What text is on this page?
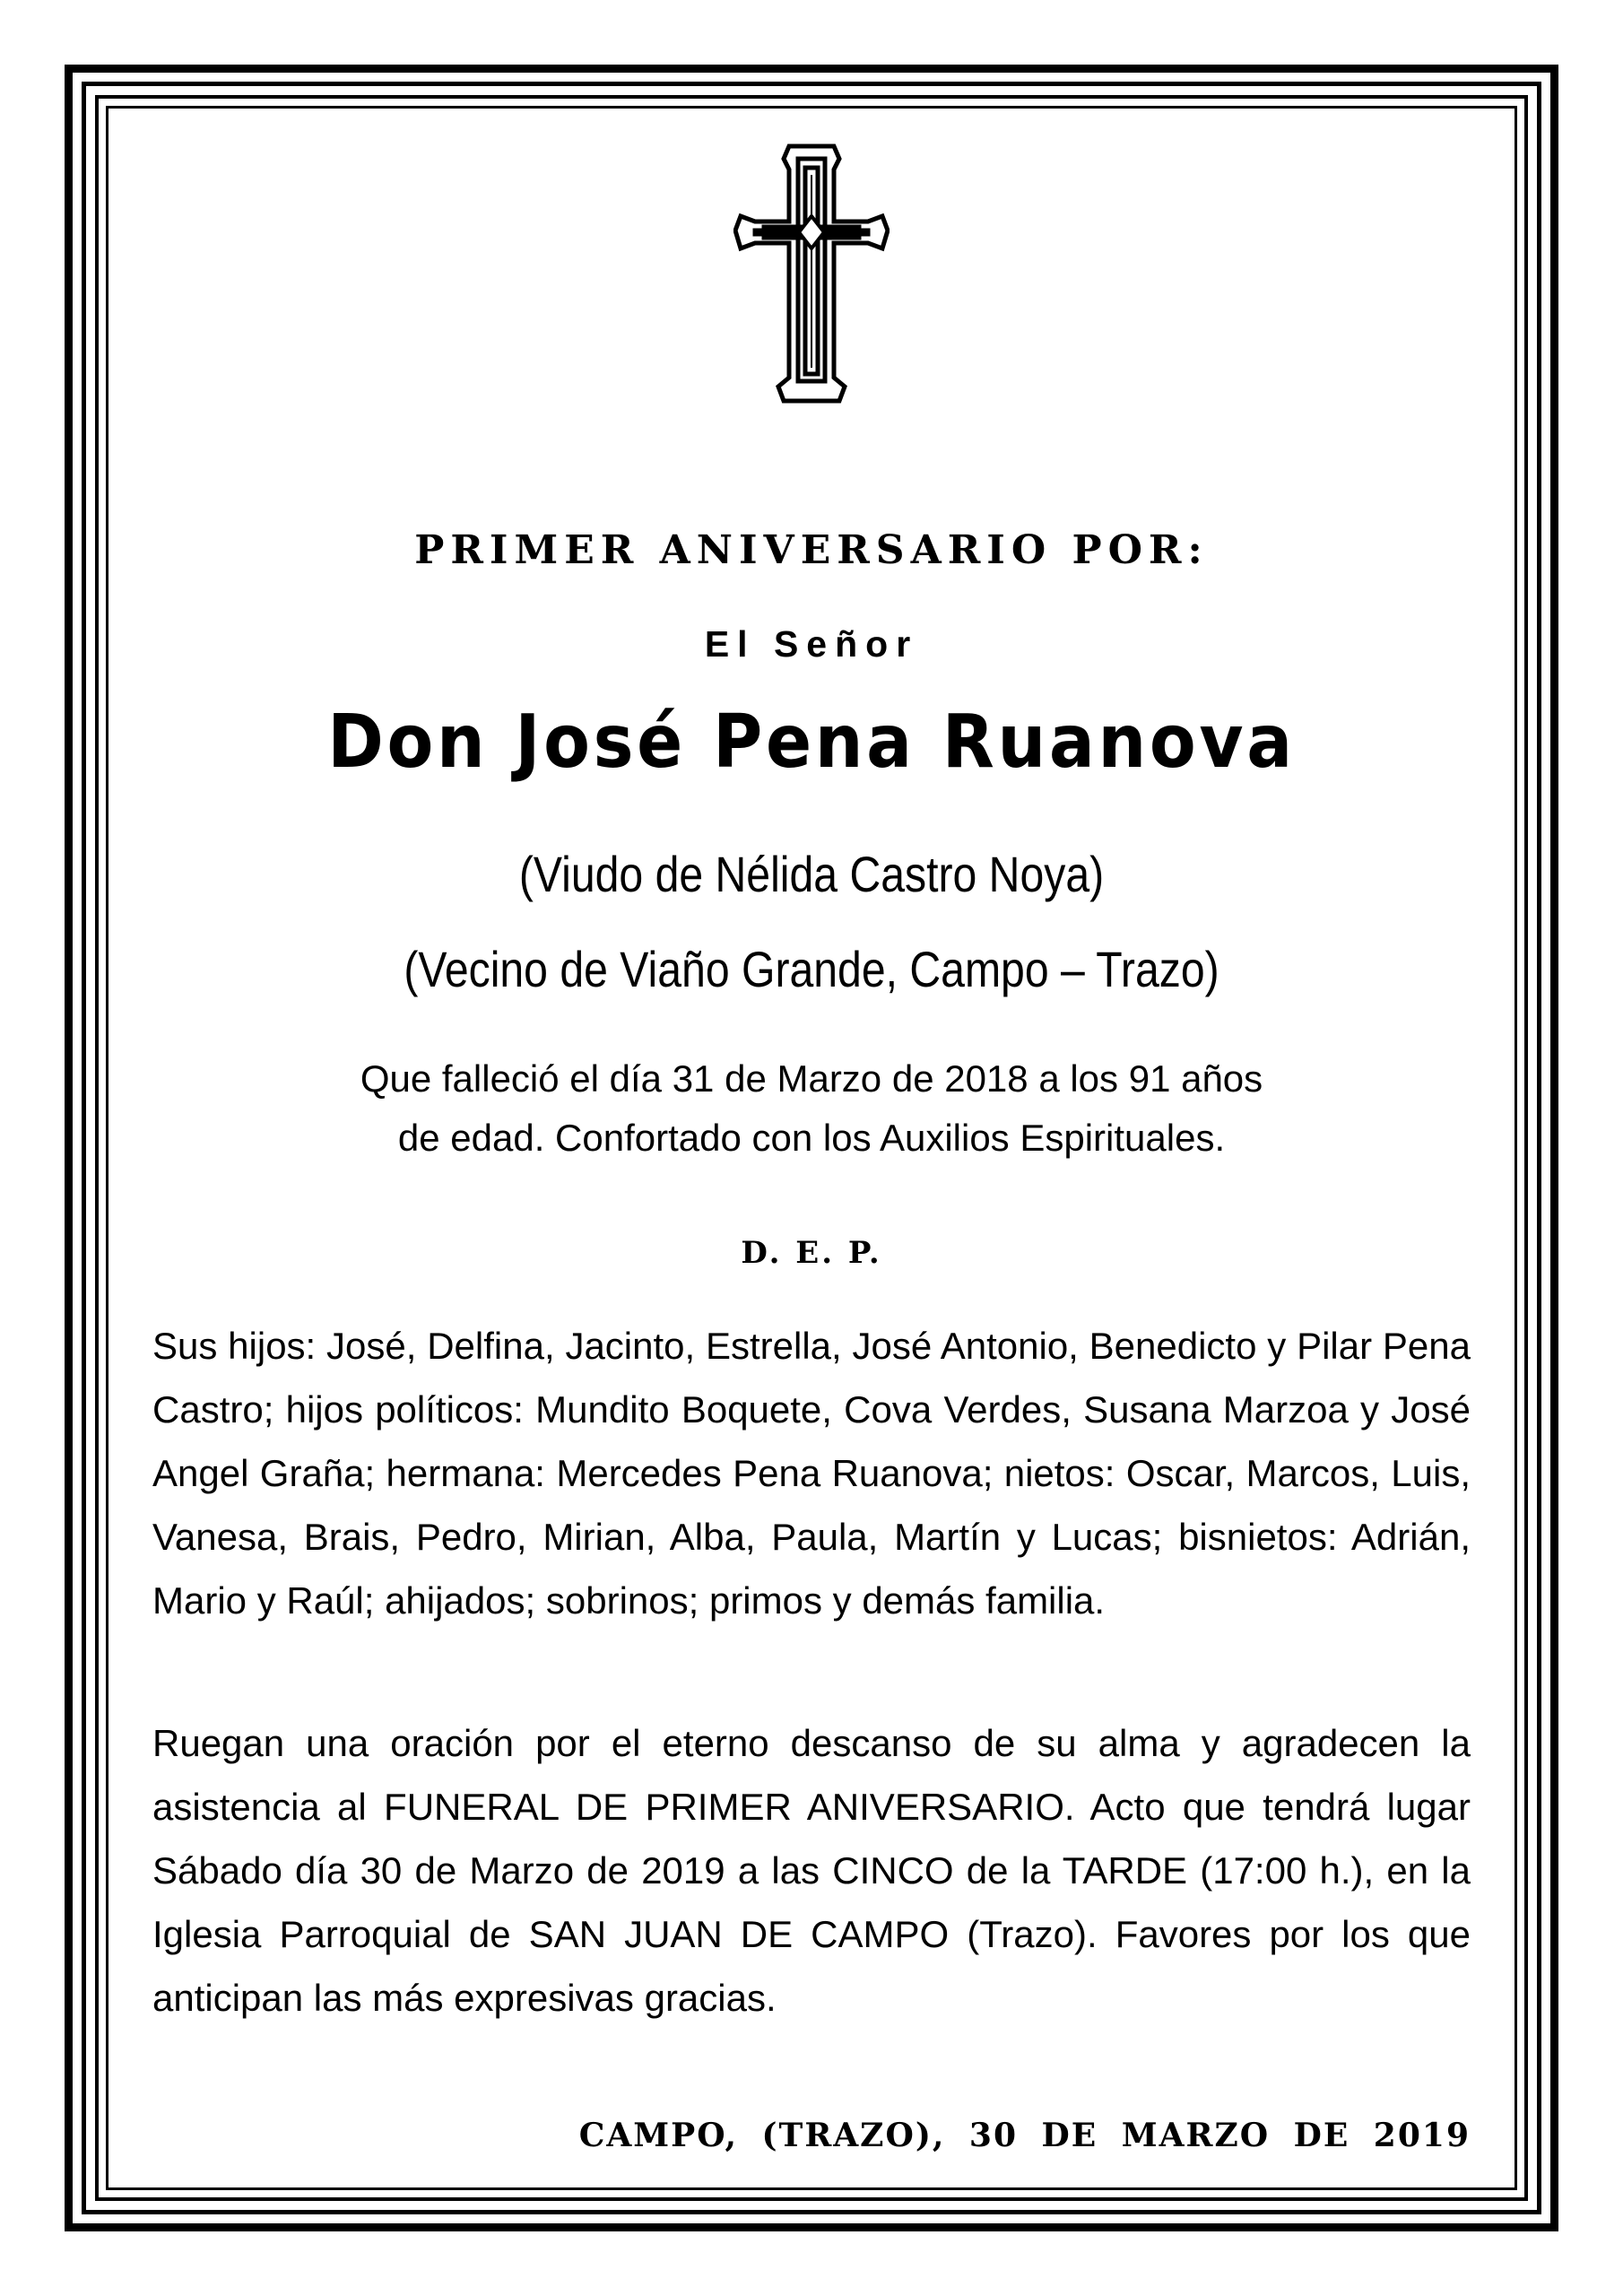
PRIMER ANIVERSARIO POR:
El Señor
Don José Pena Ruanova
(Viudo de Nélida Castro Noya)
(Vecino de Viaño Grande, Campo – Trazo)
Que falleció el día 31 de Marzo de 2018 a los 91 años
de edad. Confortado con los Auxilios Espirituales.
D. E. P.
Sus hijos: José, Delfina, Jacinto, Estrella, José Antonio, Benedicto y Pilar Pena Castro; hijos políticos: Mundito Boquete, Cova Verdes, Susana Marzoa y José Angel Graña; hermana: Mercedes Pena Ruanova; nietos: Oscar, Marcos, Luis, Vanesa, Brais, Pedro, Mirian, Alba, Paula, Martín y Lucas; bisnietos: Adrián, Mario y Raúl; ahijados; sobrinos; primos y demás familia.
Ruegan una oración por el eterno descanso de su alma y agradecen la asistencia al FUNERAL DE PRIMER ANIVERSARIO. Acto que tendrá lugar Sábado día 30 de Marzo de 2019 a las CINCO de la TARDE (17:00 h.), en la Iglesia Parroquial de SAN JUAN DE CAMPO (Trazo). Favores por los que anticipan las más expresivas gracias.
CAMPO, (TRAZO), 30 DE MARZO DE 2019
